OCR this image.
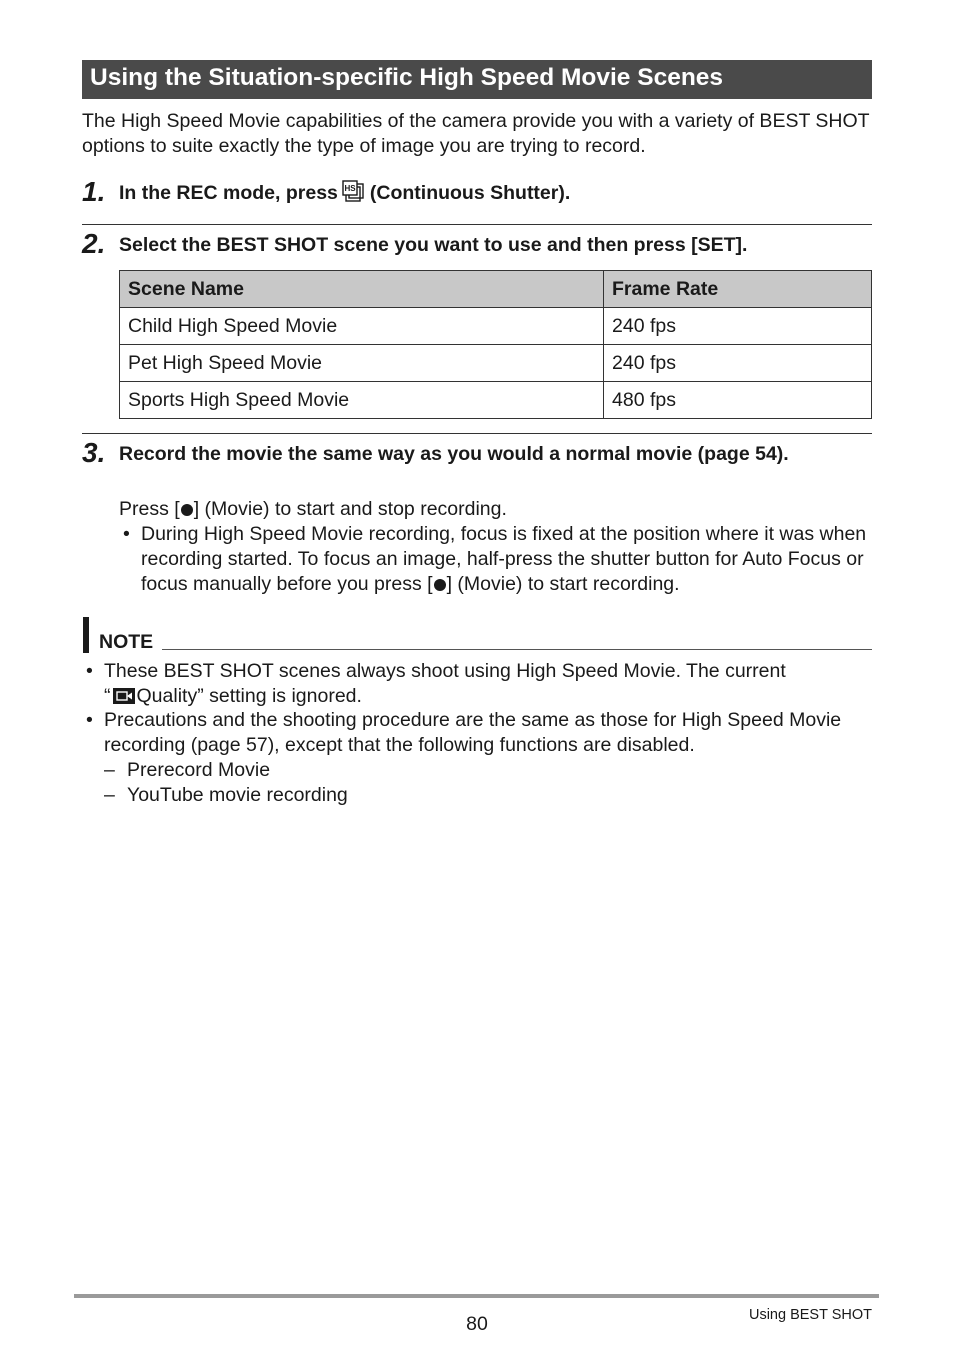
Using the Situation-specific High Speed Movie Scenes
The High Speed Movie capabilities of the camera provide you with a variety of BEST SHOT options to suite exactly the type of image you are trying to record.
1. In the REC mode, press HS (Continuous Shutter).
2. Select the BEST SHOT scene you want to use and then press [SET].
Scene Name	Frame Rate
Child High Speed Movie	240 fps
Pet High Speed Movie	240 fps
Sports High Speed Movie	480 fps
3. Record the movie the same way as you would a normal movie (page 54).
Press [ ] (Movie) to start and stop recording.
• During High Speed Movie recording, focus is fixed at the position where it was when recording started. To focus an image, half-press the shutter button for Auto Focus or focus manually before you press [ ] (Movie) to start recording.
NOTE
• These BEST SHOT scenes always shoot using High Speed Movie. The current
“ Quality” setting is ignored.
• Precautions and the shooting procedure are the same as those for High Speed Movie recording (page 57), except that the following functions are disabled.
– Prerecord Movie
– YouTube movie recording
80	Using BEST SHOT
